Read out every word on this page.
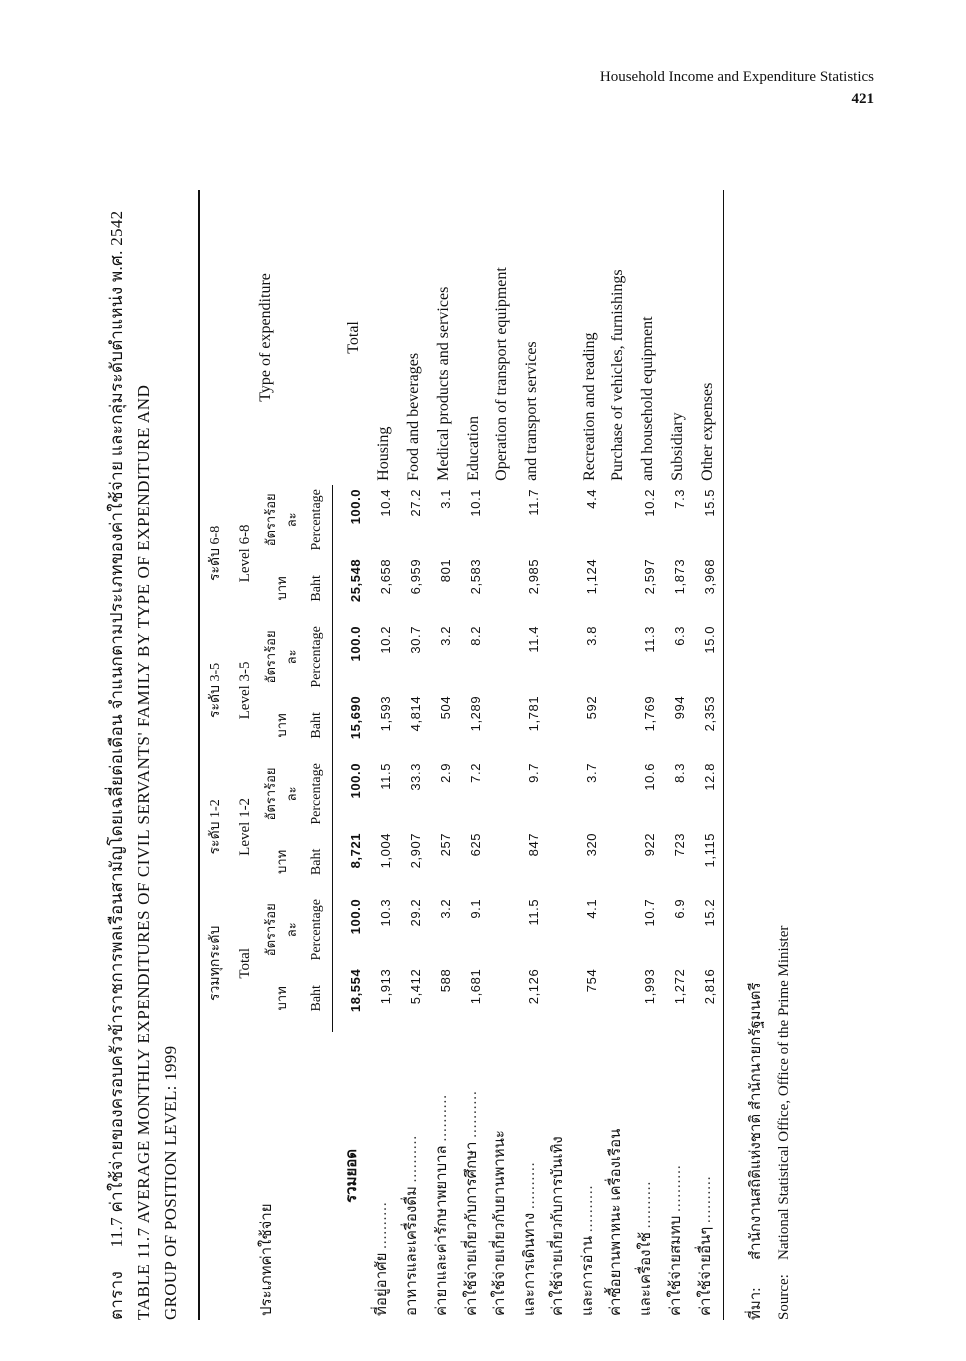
Household Income and Expenditure Statistics
421
ตาราง 11.7 ค่าใช้จ่ายของครอบครัวข้าราชการพลเรือนสามัญโดยเฉลี่ยต่อเดือน จำแนกตามประเภทของค่าใช้จ่าย และกลุ่มระดับตำแหน่ง พ.ศ. 2542 TABLE 11.7 AVERAGE MONTHLY EXPENDITURES OF CIVIL SERVANTS' FAMILY BY TYPE OF EXPENDITURE AND GROUP OF POSITION LEVEL: 1999	ประเภทค่าใช้จ่าย	รวมทุกระดับ		ระดับ 1-2		ระดับ 3-5		ระดับ 6-8		Type of expenditure
	Total		Level 1-2		Level 3-5		Level 6-8		
	บาท	อัตราร้อยละ	บาท	อัตราร้อยละ	บาท	อัตราร้อยละ	บาท	อัตราร้อยละ	
	Baht	Percentage	Baht	Percentage	Baht	Percentage	Baht	Percentage	
รวมยอด	18,554	100.0	8,721	100.0	15,690	100.0	25,548	100.0	Total
ที่อยู่อาศัย ..........	1,913	10.3	1,004	11.5	1,593	10.2	2,658	10.4	Housing
อาหารและเครื่องดื่ม ..........	5,412	29.2	2,907	33.3	4,814	30.7	6,959	27.2	Food and beverages
ค่ายาและค่ารักษาพยาบาล ..........	588	3.2	257	2.9	504	3.2	801	3.1	Medical products and services
ค่าใช้จ่ายเกี่ยวกับการศึกษา ..........	1,681	9.1	625	7.2	1,289	8.2	2,583	10.1	Education
ค่าใช้จ่ายเกี่ยวกับยานพาหนะ									Operation of transport equipment
และการเดินทาง ..........	2,126	11.5	847	9.7	1,781	11.4	2,985	11.7	and transport services
ค่าใช้จ่ายเกี่ยวกับการบันเทิง									
และการอ่าน ..........	754	4.1	320	3.7	592	3.8	1,124	4.4	Recreation and reading
ค่าซื้อยานพาหนะ เครื่องเรือน									Purchase of vehicles, furnishings
และเครื่องใช้ ..........	1,993	10.7	922	10.6	1,769	11.3	2,597	10.2	and household equipment
ค่าใช้จ่ายสมทบ ..........	1,272	6.9	723	8.3	994	6.3	1,873	7.3	Subsidiary
ค่าใช้จ่ายอื่นๆ ..........	2,816	15.2	1,115	12.8	2,353	15.0	3,968	15.5	Other expenses
ที่มา:สำนักงานสถิติแห่งชาติ สำนักนายกรัฐมนตรี
Source:National Statistical Office, Office of the Prime Minister
